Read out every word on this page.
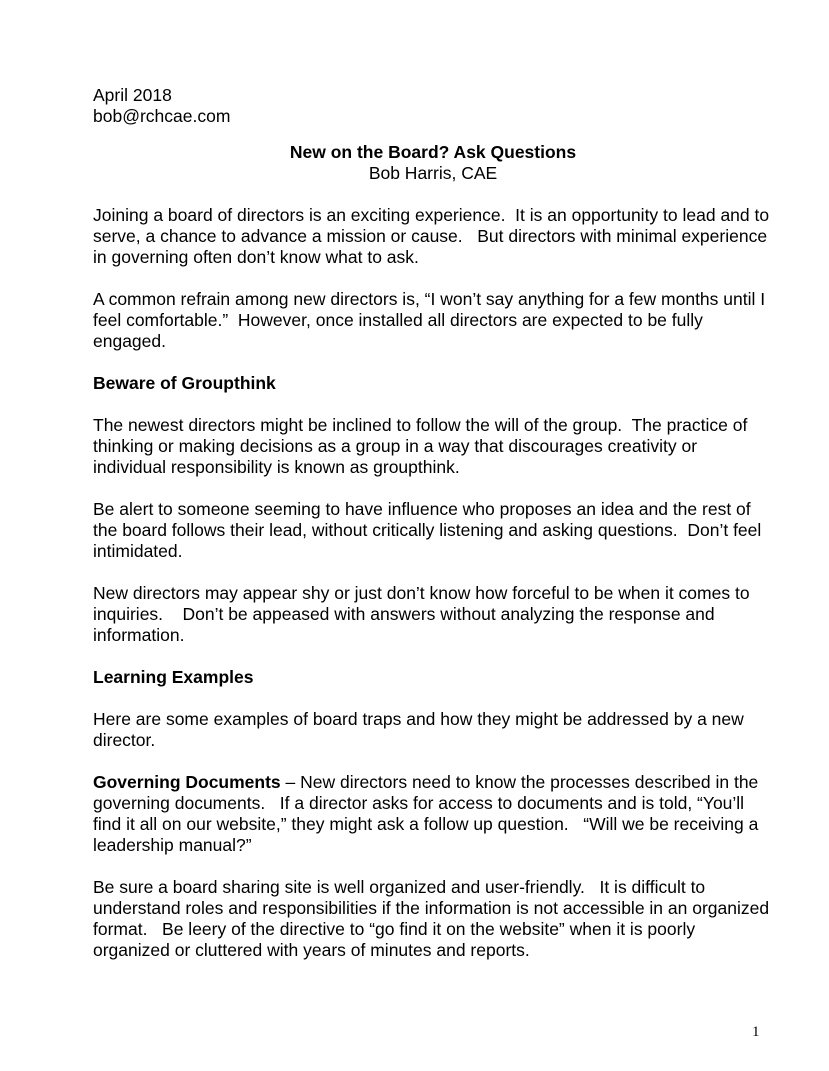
April 2018

bob@rchcae.com

New on the Board? Ask Questions

Bob Harris, CAE

Joining a board of directors is an exciting experience.  It is an opportunity to lead and to serve, a chance to advance a mission or cause.   But directors with minimal experience in governing often don’t know what to ask.

A common refrain among new directors is, “I won’t say anything for a few months until I feel comfortable.”  However, once installed all directors are expected to be fully engaged.

Beware of Groupthink

The newest directors might be inclined to follow the will of the group.  The practice of thinking or making decisions as a group in a way that discourages creativity or individual responsibility is known as groupthink.

Be alert to someone seeming to have influence who proposes an idea and the rest of the board follows their lead, without critically listening and asking questions.  Don’t feel intimidated.

New directors may appear shy or just don’t know how forceful to be when it comes to inquiries.    Don’t be appeased with answers without analyzing the response and information.

Learning Examples

Here are some examples of board traps and how they might be addressed by a new director.

Governing Documents – New directors need to know the processes described in the governing documents.   If a director asks for access to documents and is told, “You’ll find it all on our website,” they might ask a follow up question.   “Will we be receiving a leadership manual?”

Be sure a board sharing site is well organized and user-friendly.   It is difficult to understand roles and responsibilities if the information is not accessible in an organized format.   Be leery of the directive to “go find it on the website” when it is poorly organized or cluttered with years of minutes and reports.

1
